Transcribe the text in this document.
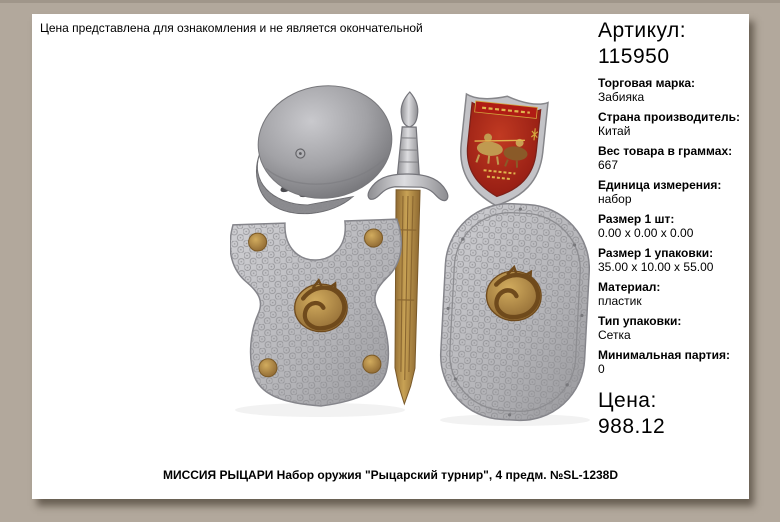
Цена представлена для ознакомления и не является окончательной	Артикул:
115950
Торговая марка:
Забияка
Страна производитель:
Китай
Вес товара в граммах:
667
Единица измерения:
набор
Размер 1 шт:
0.00 x 0.00 x 0.00
Размер 1 упаковки:
35.00 x 10.00 x 55.00
Материал:
пластик
Тип упаковки:
Сетка
Минимальная партия:
0
Цена:
988.12
МИССИЯ РЫЦАРИ Набор оружия "Рыцарский турнир", 4 предм. №SL-1238D
